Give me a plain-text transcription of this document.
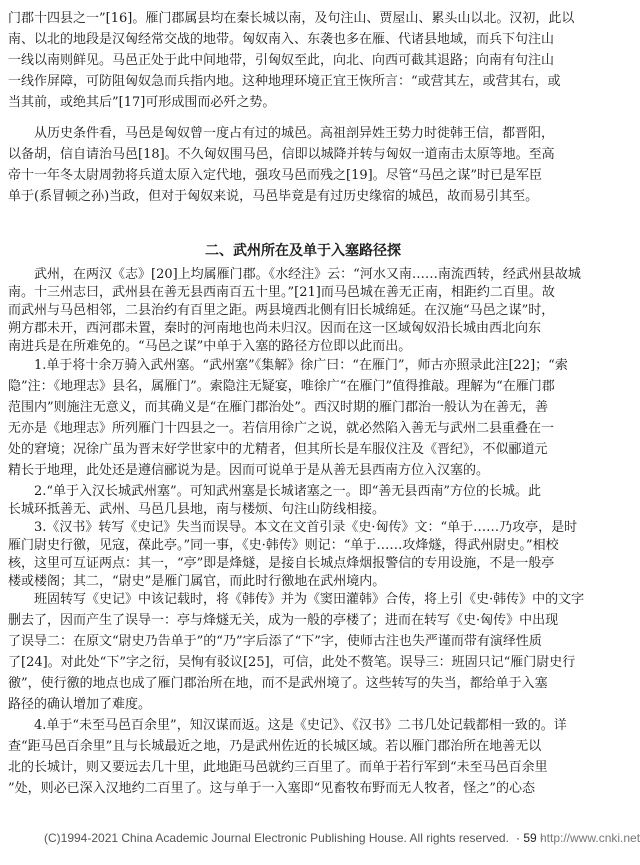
门郡十四县之一”[16]。雁门郡属县均在秦长城以南，及句注山、贾屋山、累头山以北。汉初，此以
南、以北的地段是汉匈经常交战的地带。匈奴南入、东袭也多在雁、代诸县地域，而兵下句注山
一线以南则鲜见。马邑正处于此中间地带，引匈奴至此，向北、向西可截其退路；向南有句注山
一线作屏障，可防阻匈奴急而兵指内地。这种地理环境正宜王恢所言：“或营其左，或营其右，或
当其前，或绝其后”[17]可形成围而必歼之势。
从历史条件看，马邑是匈奴曾一度占有过的城邑。高祖剖异姓王势力时徙韩王信，都晋阳，
以备胡，信自请治马邑[18]。不久匈奴围马邑，信即以城降并转与匈奴一道南击太原等地。至高
帝十一年冬太尉周勃将兵道太原入定代地，强攻马邑而残之[19]。尽管“马邑之谋”时已是军臣
单于(系冒顿之孙)当政，但对于匈奴来说，马邑毕竟是有过历史缘宿的城邑，故而易引其至。
二、武州所在及单于入塞路径探
武州，在两汉《志》[20]上均属雁门郡。《水经注》云：“河水又南……南流西转，经武州县故城
南。十三州志曰，武州县在善无县西南百五十里。”[21]而马邑城在善无正南，相距约二百里。故
而武州与马邑相邻，二县治约有百里之距。两县境西北侧有旧长城绵延。在汉施“马邑之谋”时，
朔方郡未开，西河郡未置，秦时的河南地也尚未归汉。因而在这一区域匈奴沿长城由西北向东
南进兵是在所难免的。“马邑之谋”中单于入塞的路径方位即以此而出。
1.单于将十余万骑入武州塞。“武州塞”《集解》徐广曰：“在雁门”，师古亦照录此注[22]；“索
隐”注：《地理志》县名，属雁门”。索隐注无疑宴，唯徐广“在雁门”值得推敲。理解为“在雁门郡
范围内”则施注无意义，而其确义是“在雁门郡治处”。西汉时期的雁门郡治一般认为在善无，善
无亦是《地理志》所列雁门十四县之一。若信用徐广之说，就必然陷入善无与武州二县重叠在一
处的窘境；况徐广虽为晋末好学世家中的尤精者，但其所长是车服仪注及《晋纪》，不似郦道元
精长于地理，此处还是遵信郦说为是。因而可说单于是从善无县西南方位入汉塞的。
2.“单于入汉长城武州塞”。可知武州塞是长城诸塞之一。即“善无县西南”方位的长城。此
长城环抵善无、武州、马邑几县地，南与楼烦、句注山防线相接。
3.《汉书》转写《史记》失当而误导。本文在文首引录《史·匈传》文：“单于……乃攻亭，是时
雁门尉史行徼，见寇，葆此亭。”同一事，《史·韩传》则记：“单于……攻烽燧，得武州尉史。”相校
核，这里可互证两点：其一，“亭”即是烽燧，是接自长城点烽烟报警信的专用设施，不是一般亭
楼或楼阁；其二，“尉史”是雁门属官，而此时行徼地在武州境内。
班固转写《史记》中该记载时，将《韩传》并为《窦田灌韩》合传，将上引《史·韩传》中的文字
删去了，因而产生了误导一：亭与烽燧无关，成为一般的亭楼了；进而在转写《史·匈传》中出现
了误导二：在原文“尉史乃告单于”的“乃”字后添了“下”字，使师古注也失严谨而带有演绎性质
了[24]。对此处“下”字之衍，吴恂有驳议[25]，可信，此处不赘笔。误导三：班固只记“雁门尉史行
徼”，使行徼的地点也成了雁门郡治所在地，而不是武州境了。这些转写的失当，都给单于入塞
路径的确认增加了难度。
4.单于“未至马邑百余里”，知汉谋而返。这是《史记》、《汉书》二书几处记载都相一致的。详
查“距马邑百余里”且与长城最近之地，乃是武州佐近的长城区域。若以雁门郡治所在地善无以
北的长城计，则又要远去几十里，此地距马邑就约三百里了。而单于若行军到“未至马邑百余里
”处，则必已深入汉地约二百里了。这与单于一入塞即“见畜牧布野而无人牧者，怪之”的心态
(C)1994-2021 China Academic Journal Electronic Publishing House. All rights reserved. · 59 ·
http://www.cnki.net
